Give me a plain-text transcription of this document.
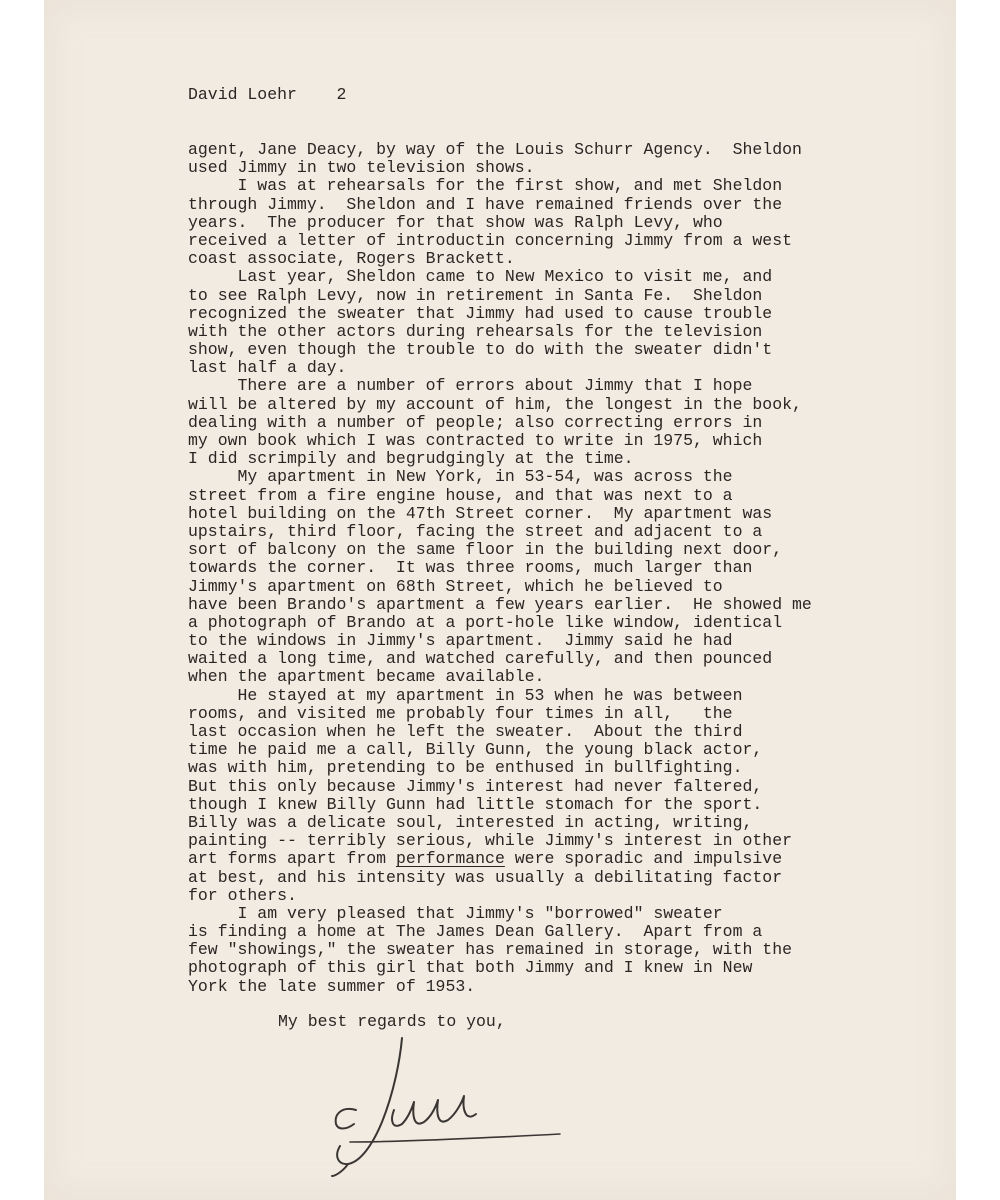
David Loehr 2
agent, Jane Deacy, by way of the Louis Schurr Agency.  Sheldon
used Jimmy in two television shows.
I was at rehearsals for the first show, and met Sheldon
through Jimmy.  Sheldon and I have remained friends over the
years.  The producer for that show was Ralph Levy, who
received a letter of introductin concerning Jimmy from a west
coast associate, Rogers Brackett.
Last year, Sheldon came to New Mexico to visit me, and
to see Ralph Levy, now in retirement in Santa Fe.  Sheldon
recognized the sweater that Jimmy had used to cause trouble
with the other actors during rehearsals for the television
show, even though the trouble to do with the sweater didn't
last half a day.
There are a number of errors about Jimmy that I hope
will be altered by my account of him, the longest in the book,
dealing with a number of people; also correcting errors in
my own book which I was contracted to write in 1975, which
I did scrimpily and begrudgingly at the time.
My apartment in New York, in 53-54, was across the
street from a fire engine house, and that was next to a
hotel building on the 47th Street corner.  My apartment was
upstairs, third floor, facing the street and adjacent to a
sort of balcony on the same floor in the building next door,
towards the corner.  It was three rooms, much larger than
Jimmy's apartment on 68th Street, which he believed to
have been Brando's apartment a few years earlier.  He showed me
a photograph of Brando at a port-hole like window, identical
to the windows in Jimmy's apartment.  Jimmy said he had
waited a long time, and watched carefully, and then pounced
when the apartment became available.
He stayed at my apartment in 53 when he was between
rooms, and visited me probably four times in all,   the
last occasion when he left the sweater.  About the third
time he paid me a call, Billy Gunn, the young black actor,
was with him, pretending to be enthused in bullfighting.
But this only because Jimmy's interest had never faltered,
though I knew Billy Gunn had little stomach for the sport.
Billy was a delicate soul, interested in acting, writing,
painting -- terribly serious, while Jimmy's interest in other
art forms apart from performance were sporadic and impulsive
at best, and his intensity was usually a debilitating factor
for others.
I am very pleased that Jimmy's "borrowed" sweater
is finding a home at The James Dean Gallery.  Apart from a
few "showings," the sweater has remained in storage, with the
photograph of this girl that both Jimmy and I knew in New
York the late summer of 1953.
My best regards to you,
